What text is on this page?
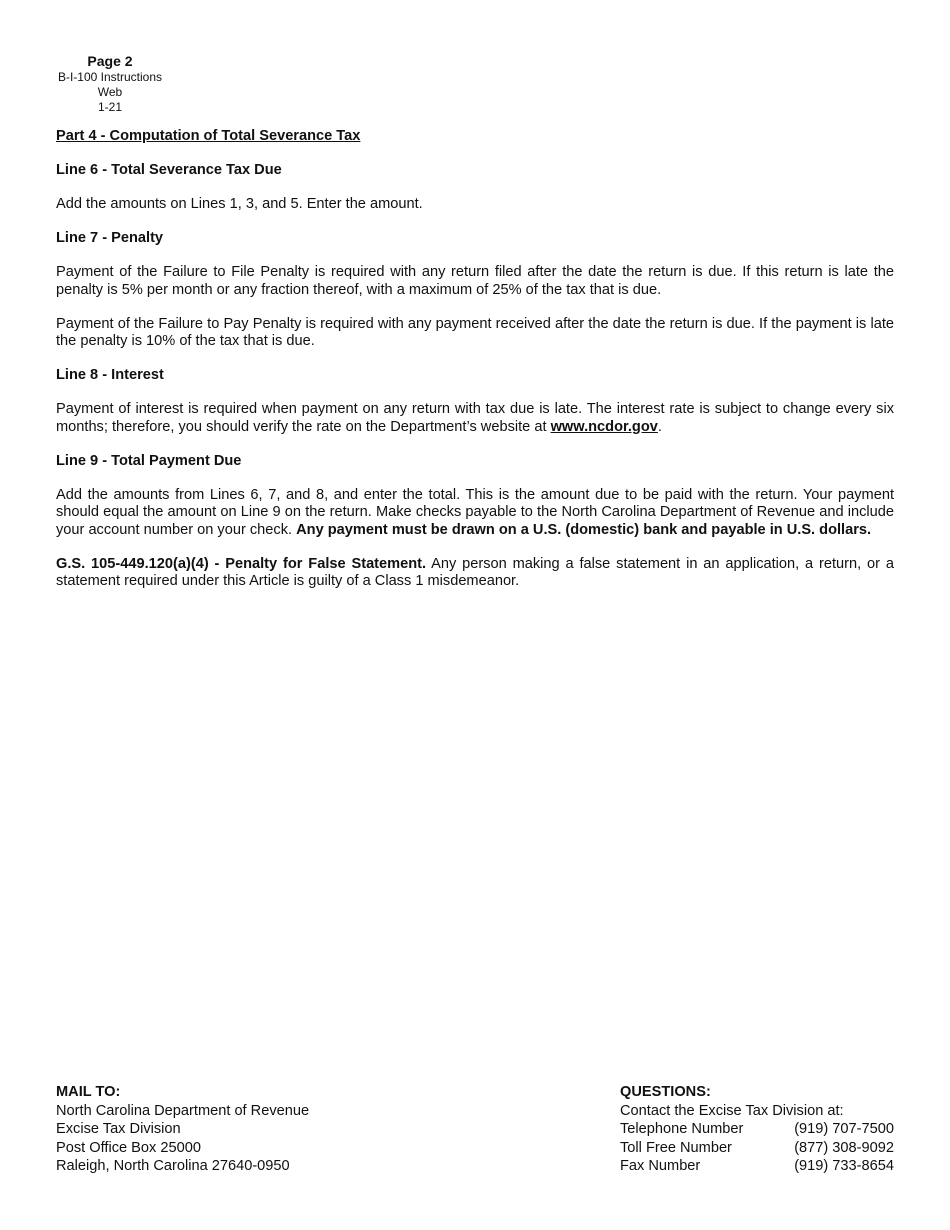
Page 2
B-I-100 Instructions
Web
1-21

Part 4 - Computation of Total Severance Tax

Line 6 - Total Severance Tax Due

Add the amounts on Lines 1, 3, and 5. Enter the amount.

Line 7 - Penalty

Payment of the Failure to File Penalty is required with any return filed after the date the return is due. If this return is late the penalty is 5% per month or any fraction thereof, with a maximum of 25% of the tax that is due.

Payment of the Failure to Pay Penalty is required with any payment received after the date the return is due. If the payment is late the penalty is 10% of the tax that is due.

Line 8 - Interest

Payment of interest is required when payment on any return with tax due is late. The interest rate is subject to change every six months; therefore, you should verify the rate on the Department’s website at www.ncdor.gov.

Line 9 - Total Payment Due

Add the amounts from Lines 6, 7, and 8, and enter the total. This is the amount due to be paid with the return. Your payment should equal the amount on Line 9 on the return. Make checks payable to the North Carolina Department of Revenue and include your account number on your check. Any payment must be drawn on a U.S. (domestic) bank and payable in U.S. dollars.

G.S. 105-449.120(a)(4) - Penalty for False Statement. Any person making a false statement in an application, a return, or a statement required under this Article is guilty of a Class 1 misdemeanor.

MAIL TO:
North Carolina Department of Revenue
Excise Tax Division
Post Office Box 25000
Raleigh, North Carolina 27640-0950
QUESTIONS:
Contact the Excise Tax Division at:
Telephone Number	(919) 707-7500
Toll Free Number	(877) 308-9092
Fax Number	(919) 733-8654
